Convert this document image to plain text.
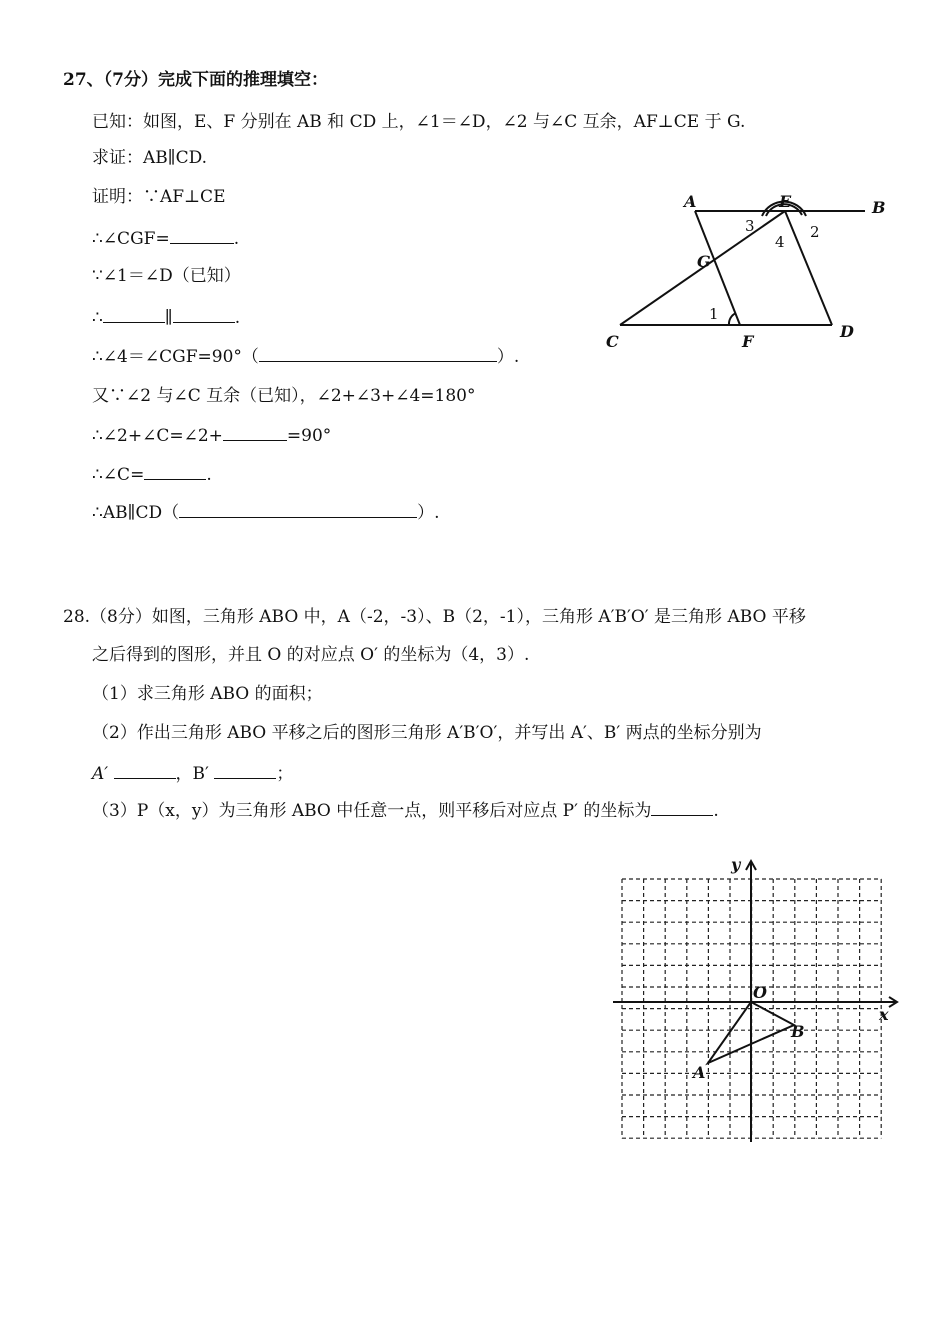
27、（7分）完成下面的推理填空：
已知：如图，E、F 分别在 AB 和 CD 上，∠1＝∠D，∠2 与∠C 互余，AF⊥CE 于 G.
求证：AB∥CD.
证明：∵AF⊥CE
∴∠CGF=	.
∵∠1＝∠D（已知）
∴	∥	.
∴∠4＝∠CGF=90°（	）.
又∵∠2 与∠C 互余（已知），∠2+∠3+∠4=180°
∴∠2+∠C=∠2+	=90°
∴∠C=	.
∴AB∥CD（	）.
A	E	B
G
C	F
D
1
2
3
4
28.（8分）如图，三角形 ABO 中，A（-2，-3）、B（2，-1），三角形 A′B′O′ 是三角形 ABO 平移
之后得到的图形，并且 O 的对应点 O′ 的坐标为（4，3）.
（1）求三角形 ABO 的面积；
（2）作出三角形 ABO 平移之后的图形三角形 A′B′O′，并写出 A′、B′ 两点的坐标分别为
A′	，B′	；
（3）P（x，y）为三角形 ABO 中任意一点，则平移后对应点 P′ 的坐标为	.
x
y
O
A
B
